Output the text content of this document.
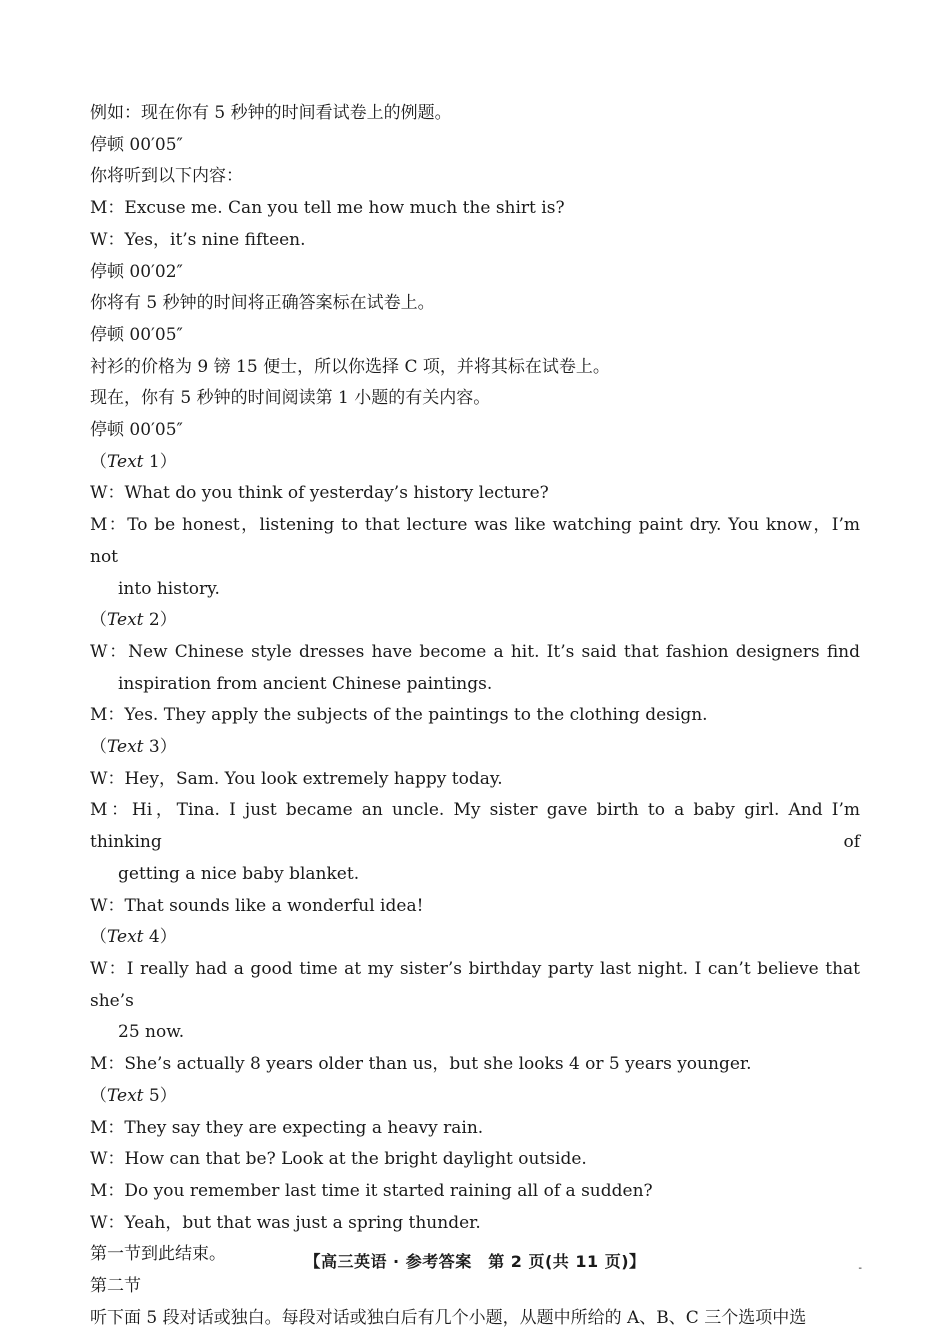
例如：现在你有 5 秒钟的时间看试卷上的例题。
停顿 00′05″
你将听到以下内容：
M：Excuse me. Can you tell me how much the shirt is?
W：Yes，it’s nine fifteen.
停顿 00′02″
你将有 5 秒钟的时间将正确答案标在试卷上。
停顿 00′05″
衬衫的价格为 9 镑 15 便士，所以你选择 C 项，并将其标在试卷上。
现在，你有 5 秒钟的时间阅读第 1 小题的有关内容。
停顿 00′05″
（Text 1）
W：What do you think of yesterday’s history lecture?
M：To be honest，listening to that lecture was like watching paint dry. You know，I’m not
into history.
（Text 2）
W：New Chinese style dresses have become a hit. It’s said that fashion designers find
inspiration from ancient Chinese paintings.
M：Yes. They apply the subjects of the paintings to the clothing design.
（Text 3）
W：Hey，Sam. You look extremely happy today.
M：Hi，Tina. I just became an uncle. My sister gave birth to a baby girl. And I’m thinking of
getting a nice baby blanket.
W：That sounds like a wonderful idea!
（Text 4）
W：I really had a good time at my sister’s birthday party last night. I can’t believe that she’s
25 now.
M：She’s actually 8 years older than us，but she looks 4 or 5 years younger.
（Text 5）
M：They say they are expecting a heavy rain.
W：How can that be? Look at the bright daylight outside.
M：Do you remember last time it started raining all of a sudden?
W：Yeah，but that was just a spring thunder.
第一节到此结束。
第二节
听下面 5 段对话或独白。每段对话或独白后有几个小题，从题中所给的 A、B、C 三个选项中选
【高三英语 · 参考答案　第 2 页(共 11 页)】	-
